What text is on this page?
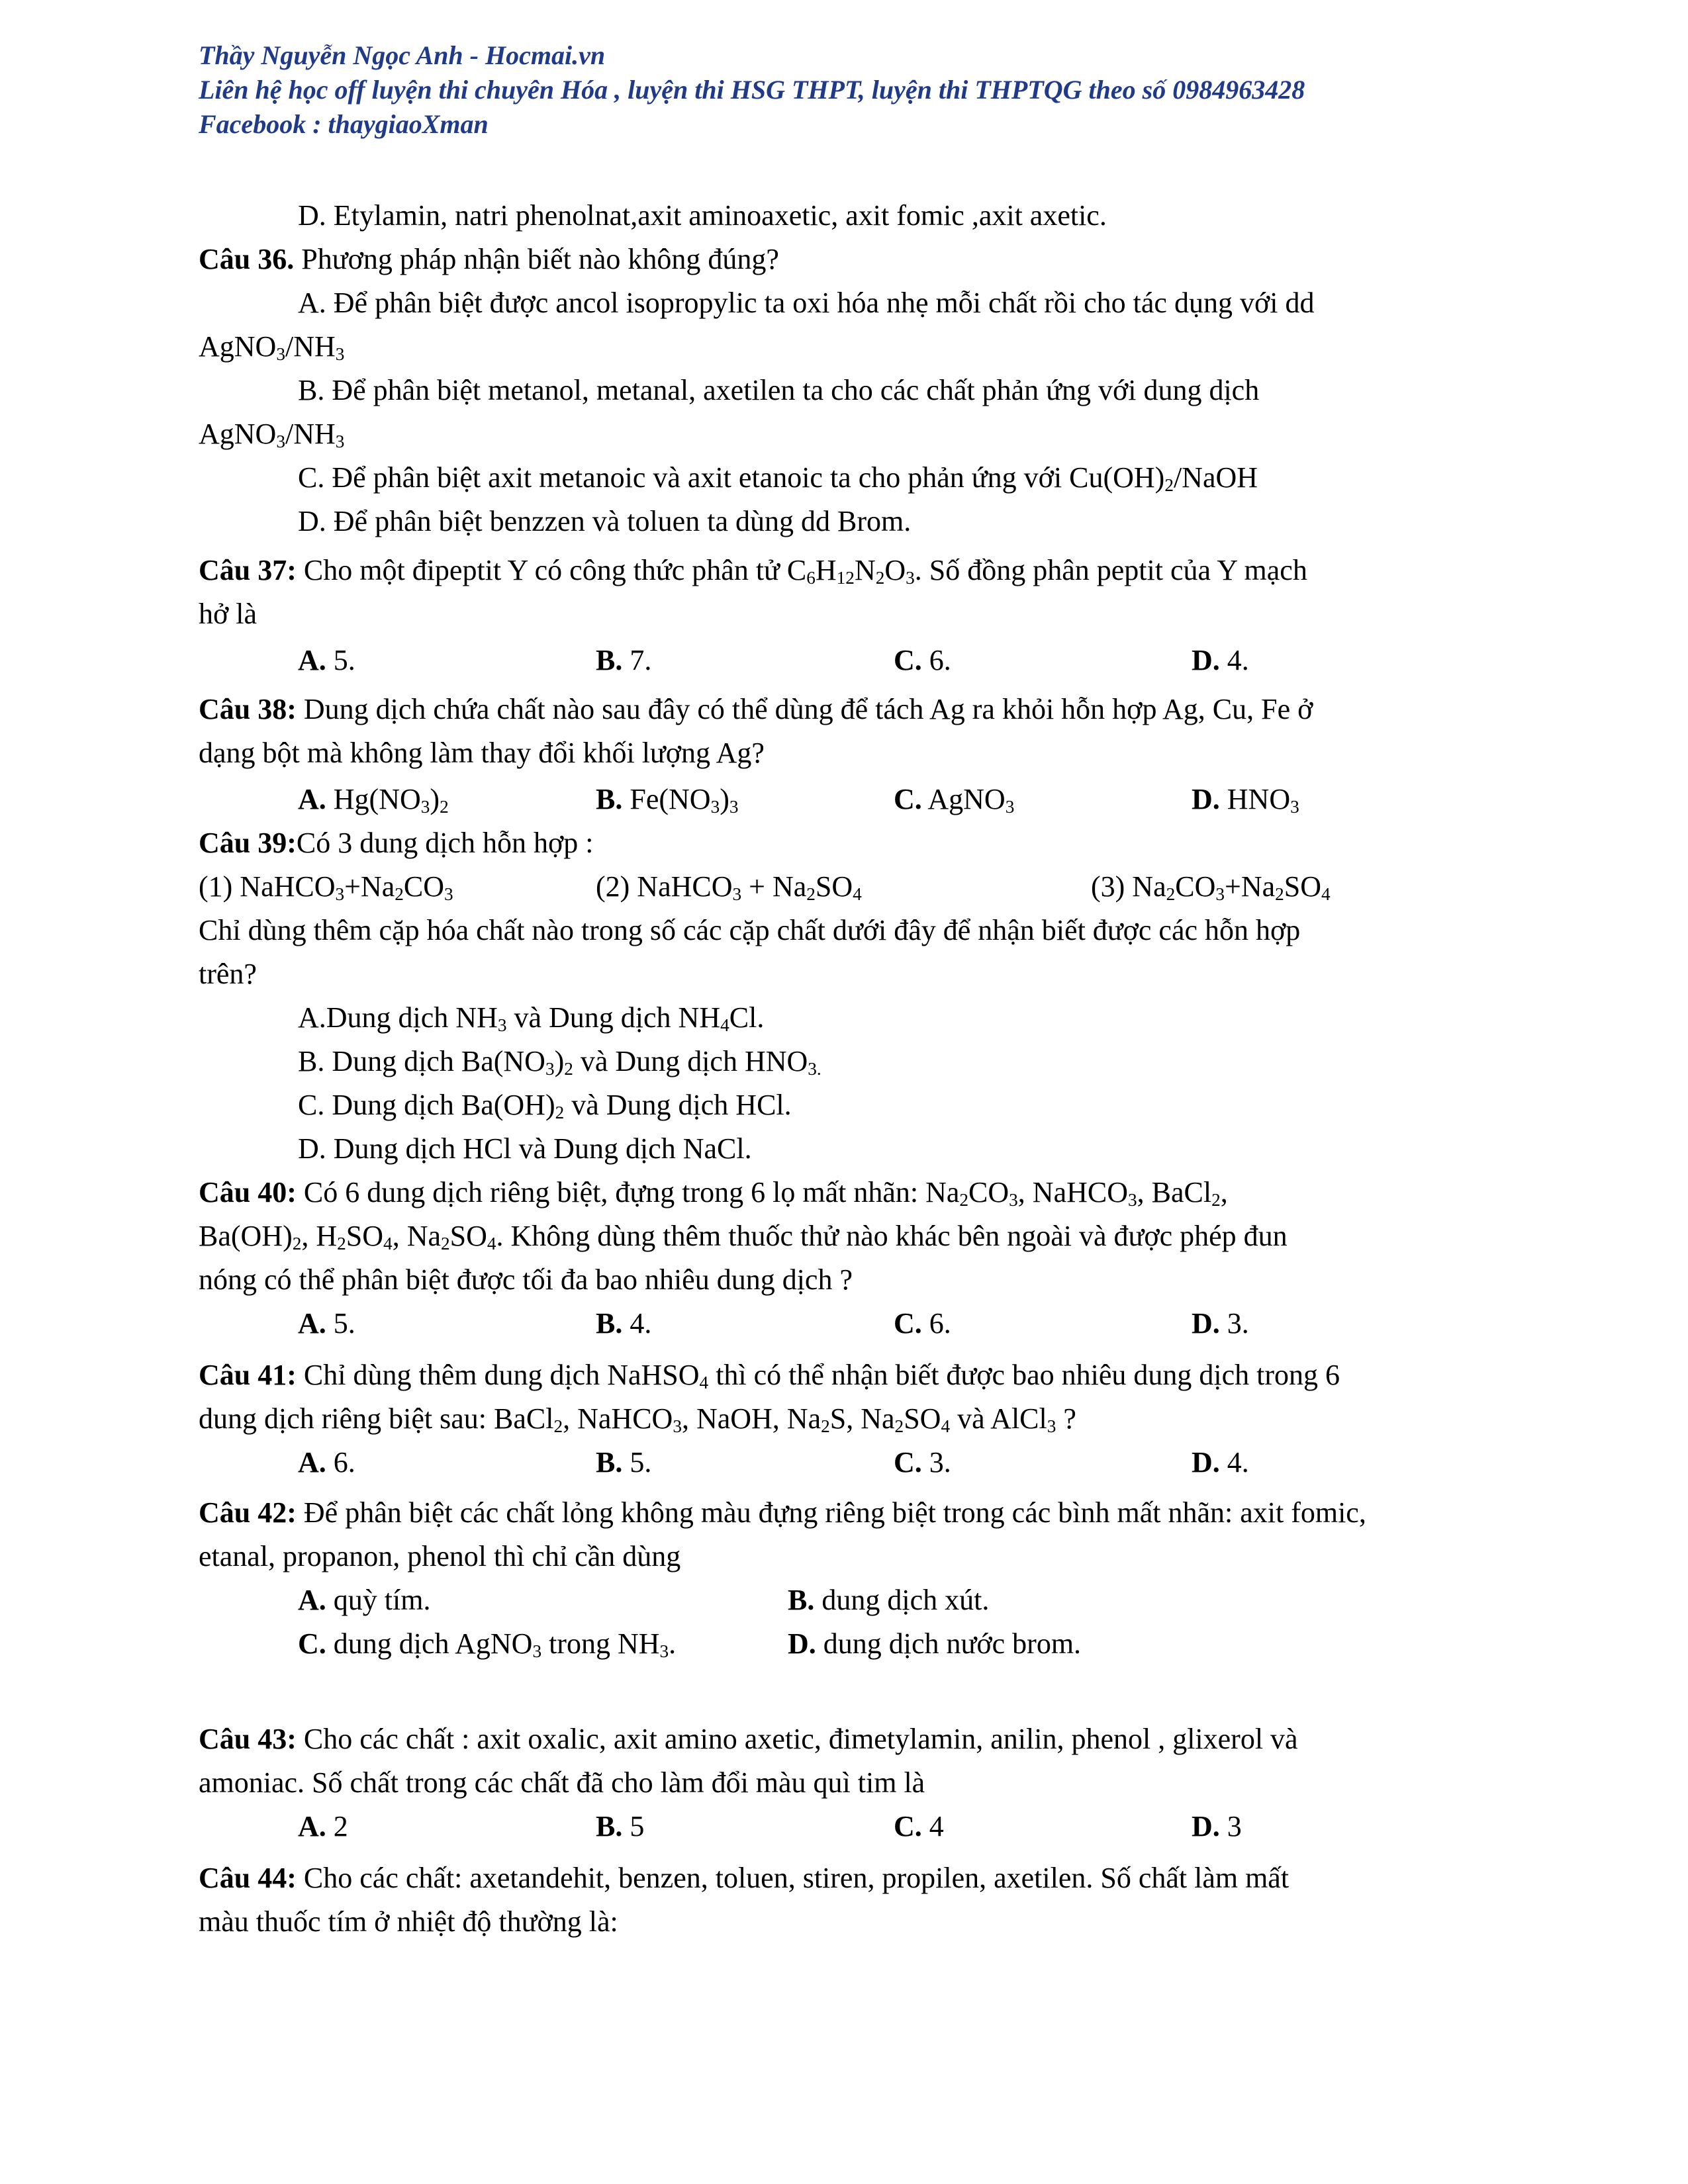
Thầy Nguyễn Ngọc Anh - Hocmai.vn
Liên hệ học off luyện thi chuyên Hóa , luyện thi HSG THPT, luyện thi THPTQG theo số 0984963428
Facebook : thaygiaoXman
D. Etylamin, natri phenolnat,axit aminoaxetic, axit fomic ,axit axetic.
Câu 36. Phương pháp nhận biết nào không đúng?
A. Để phân biệt được ancol isopropylic ta oxi hóa nhẹ mỗi chất rồi cho tác dụng với dd
$AgNO_3/NH_3$
B. Để phân biệt metanol, metanal, axetilen ta cho các chất phản ứng với dung dịch
$AgNO_3/NH_3$
C. Để phân biệt axit metanoic và axit etanoic ta cho phản ứng với $Cu(OH)_2$/NaOH
D. Để phân biệt benzzen và toluen ta dùng dd Brom.
Câu 37: Cho một đipeptit Y có công thức phân tử $C_6H_{12}N_2O_3$. Số đồng phân peptit của Y mạch
hở là
A. 5.	B. 7.	C. 6.	D. 4.
Câu 38: Dung dịch chứa chất nào sau đây có thể dùng để tách Ag ra khỏi hỗn hợp Ag, Cu, Fe ở
dạng bột mà không làm thay đổi khối lượng Ag?
A. $Hg(NO_3)_2$	B. $Fe(NO_3)_3$	C. AgNO$_3$	D. $HNO_3$
Câu 39:Có 3 dung dịch hỗn hợp :
(1) $NaHCO_3+Na_2CO_3$	(2) NaHCO$_3$ + $Na_2SO_4$	(3) $Na_2CO_3+Na_2SO_4$
Chỉ dùng thêm cặp hóa chất nào trong số các cặp chất dưới đây để nhận biết được các hỗn hợp
trên?
A.Dung dịch $NH_3$ và Dung dịch $NH_4Cl$.
B. Dung dịch $Ba(NO_3)_2$ và Dung dịch $HNO_{3.}$
C. Dung dịch $Ba(OH)_2$ và Dung dịch HCl.
D. Dung dịch HCl và Dung dịch NaCl.
Câu 40: Có 6 dung dịch riêng biệt, đựng trong 6 lọ mất nhãn: $Na_2CO_3$, NaHCO$_3$, BaCl$_2$,
$Ba(OH)_2$, $H_2SO_4$, $Na_2SO_4$. Không dùng thêm thuốc thử nào khác bên ngoài và được phép đun
nóng có thể phân biệt được tối đa bao nhiêu dung dịch ?
A. 5.	B. 4.	C. 6.	D. 3.
Câu 41: Chỉ dùng thêm dung dịch NaHSO$_4$ thì có thể nhận biết được bao nhiêu dung dịch trong 6
dung dịch riêng biệt sau: BaCl$_2$, NaHCO$_3$, NaOH, $Na_2S$, $Na_2SO_4$ và AlCl$_3$ ?
A. 6.	B. 5.	C. 3.	D. 4.
Câu 42: Để phân biệt các chất lỏng không màu đựng riêng biệt trong các bình mất nhãn: axit fomic,
etanal, propanon, phenol thì chỉ cần dùng
A. quỳ tím.	B. dung dịch xút.
C. dung dịch AgNO$_3$ trong $NH_3$.	D. dung dịch nước brom.
Câu 43: Cho các chất : axit oxalic, axit amino axetic, đimetylamin, anilin, phenol , glixerol và
amoniac. Số chất trong các chất đã cho làm đổi màu quì tim là
A. 2	B. 5	C. 4	D. 3
Câu 44: Cho các chất: axetandehit, benzen, toluen, stiren, propilen, axetilen. Số chất làm mất
màu thuốc tím ở nhiệt độ thường là:
